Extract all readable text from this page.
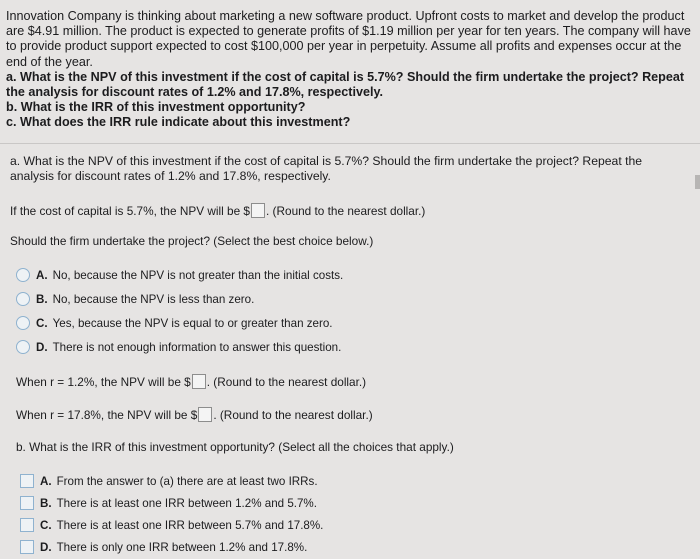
Innovation Company is thinking about marketing a new software product. Upfront costs to market and develop the product are $4.91 million. The product is expected to generate profits of $1.19 million per year for ten years. The company will have to provide product support expected to cost $100,000 per year in perpetuity. Assume all profits and expenses occur at the end of the year.

a. What is the NPV of this investment if the cost of capital is 5.7%? Should the firm undertake the project? Repeat the analysis for discount rates of 1.2% and 17.8%, respectively.

b. What is the IRR of this investment opportunity?

c. What does the IRR rule indicate about this investment?

a. What is the NPV of this investment if the cost of capital is 5.7%? Should the firm undertake the project? Repeat the analysis for discount rates of 1.2% and 17.8%, respectively.
If the cost of capital is 5.7%, the NPV will be $ . (Round to the nearest dollar.)
Should the firm undertake the project? (Select the best choice below.)
A. No, because the NPV is not greater than the initial costs.
B. No, because the NPV is less than zero.
C. Yes, because the NPV is equal to or greater than zero.
D. There is not enough information to answer this question.
When r = 1.2%, the NPV will be $ . (Round to the nearest dollar.)
When r = 17.8%, the NPV will be $ . (Round to the nearest dollar.)
b. What is the IRR of this investment opportunity? (Select all the choices that apply.)
A. From the answer to (a) there are at least two IRRs.
B. There is at least one IRR between 1.2% and 5.7%.
C. There is at least one IRR between 5.7% and 17.8%.
D. There is only one IRR between 1.2% and 17.8%.
